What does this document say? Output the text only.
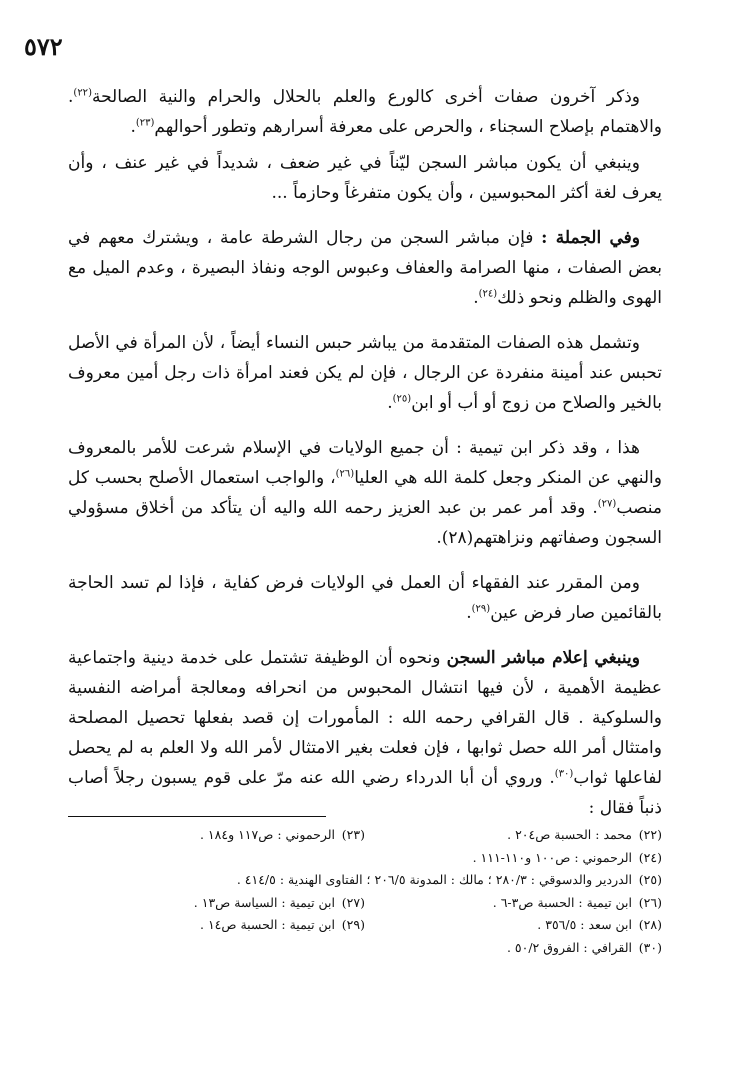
٥٧٢

وذكر آخرون صفات أخرى كالورع والعلم بالحلال والحرام والنية الصالحة$^{(٢٢)}$. والاهتمام بإصلاح السجناء ، والحرص على معرفة أسرارهم وتطور أحوالهم$^{(٢٣)}$.

وينبغي أن يكون مباشر السجن ليّناً في غير ضعف ، شديداً في غير عنف ، وأن يعرف لغة أكثر المحبوسين ، وأن يكون متفرغاً وحازماً ...

وفي الجملة : فإن مباشر السجن من رجال الشرطة عامة ، ويشترك معهم في بعض الصفات ، منها الصرامة والعفاف وعبوس الوجه ونفاذ البصيرة ، وعدم الميل مع الهوى والظلم ونحو ذلك$^{(٢٤)}$.

وتشمل هذه الصفات المتقدمة من يباشر حبس النساء أيضاً ، لأن المرأة في الأصل تحبس عند أمينة منفردة عن الرجال ، فإن لم يكن فعند امرأة ذات رجل أمين معروف بالخير والصلاح من زوج أو أب أو ابن$^{(٢٥)}$.

هذا ، وقد ذكر ابن تيمية : أن جميع الولايات في الإسلام شرعت للأمر بالمعروف والنهي عن المنكر وجعل كلمة الله هي العليا$^{(٢٦)}$، والواجب استعمال الأصلح بحسب كل منصب$^{(٢٧)}$. وقد أمر عمر بن عبد العزيز رحمه الله واليه أن يتأكد من أخلاق مسؤولي السجون وصفاتهم ونزاهتهم(٢٨).

ومن المقرر عند الفقهاء أن العمل في الولايات فرض كفاية ، فإذا لم تسد الحاجة بالقائمين صار فرض عين$^{(٢٩)}$.

وينبغي إعلام مباشر السجن ونحوه أن الوظيفة تشتمل على خدمة دينية واجتماعية عظيمة الأهمية ، لأن فيها انتشال المحبوس من انحرافه ومعالجة أمراضه النفسية والسلوكية . قال القرافي رحمه الله : المأمورات إن قصد بفعلها تحصيل المصلحة وامتثال أمر الله حصل ثوابها ، فإن فعلت بغير الامتثال لأمر الله ولا العلم به لم يحصل لفاعلها ثواب$^{(٣٠)}$. وروي أن أبا الدرداء رضي الله عنه مرّ على قوم يسبون رجلاً أصاب ذنباً فقال :

(٢٢)محمد : الحسبة ص٢٠٤ .
(٢٣)الرحموني : ص١١٧ و١٨٤ .
(٢٤)الرحموني : ص١٠٠ و١١٠-١١١ .
(٢٥)الدردير والدسوقي : ٢٨٠/٣ ؛ مالك : المدونة ٢٠٦/٥ ؛ الفتاوى الهندية : ٤١٤/٥ .
(٢٦)ابن تيمية : الحسبة ص٣-٦ .
(٢٧)ابن تيمية : السياسة ص١٣ .
(٢٨)ابن سعد : ٣٥٦/٥ .
(٢٩)ابن تيمية : الحسبة ص١٤ .
(٣٠)القرافي : الفروق ٥٠/٢ .
